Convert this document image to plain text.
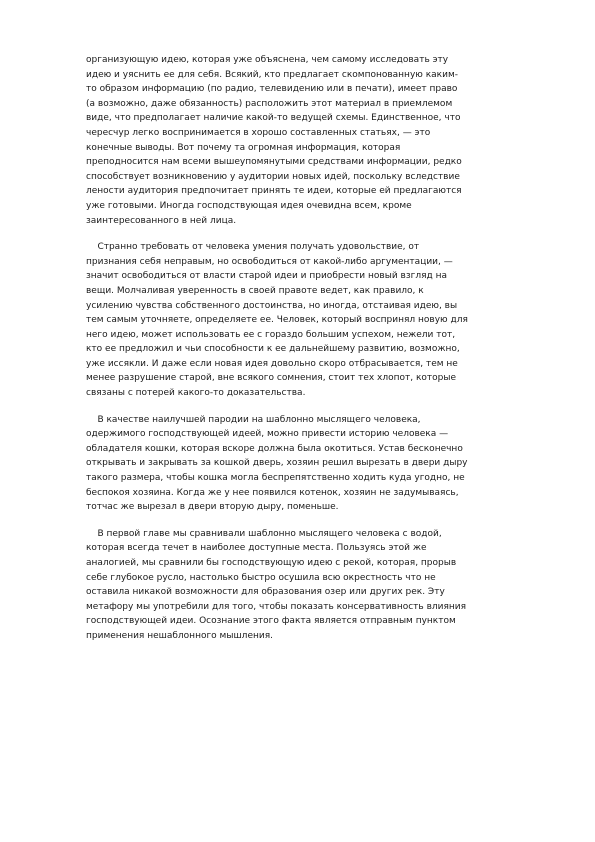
организующую идею, которая уже объяснена, чем самому исследовать эту
идею и уяснить ее для себя. Всякий, кто предлагает скомпонованную каким-
то образом информацию (по радио, телевидению или в печати), имеет право
(а возможно, даже обязанность) расположить этот материал в приемлемом
виде, что предполагает наличие какой-то ведущей схемы. Единственное, что
чересчур легко воспринимается в хорошо составленных статьях, — это
конечные выводы. Вот почему та огромная информация, которая
преподносится нам всеми вышеупомянутыми средствами информации, редко
способствует возникновению у аудитории новых идей, поскольку вследствие
лености аудитория предпочитает принять те идеи, которые ей предлагаются
уже готовыми. Иногда господствующая идея очевидна всем, кроме
заинтересованного в ней лица.
Странно требовать от человека умения получать удовольствие, от
признания себя неправым, но освободиться от какой-либо аргументации, —
значит освободиться от власти старой идеи и приобрести новый взгляд на
вещи. Молчаливая уверенность в своей правоте ведет, как правило, к
усилению чувства собственного достоинства, но иногда, отстаивая идею, вы
тем самым уточняете, определяете ее. Человек, который воспринял новую для
него идею, может использовать ее с гораздо большим успехом, нежели тот,
кто ее предложил и чьи способности к ее дальнейшему развитию, возможно,
уже иссякли. И даже если новая идея довольно скоро отбрасывается, тем не
менее разрушение старой, вне всякого сомнения, стоит тех хлопот, которые
связаны с потерей какого-то доказательства.
В качестве наилучшей пародии на шаблонно мыслящего человека,
одержимого господствующей идеей, можно привести историю человека —
обладателя кошки, которая вскоре должна была окотиться. Устав бесконечно
открывать и закрывать за кошкой дверь, хозяин решил вырезать в двери дыру
такого размера, чтобы кошка могла беспрепятственно ходить куда угодно, не
беспокоя хозяина. Когда же у нее появился котенок, хозяин не задумываясь,
тотчас же вырезал в двери вторую дыру, поменьше.
В первой главе мы сравнивали шаблонно мыслящего человека с водой,
которая всегда течет в наиболее доступные места. Пользуясь этой же
аналогией, мы сравнили бы господствующую идею с рекой, которая, прорыв
себе глубокое русло, настолько быстро осушила всю окрестность что не
оставила никакой возможности для образования озер или других рек. Эту
метафору мы употребили для того, чтобы показать консервативность влияния
господствующей идеи. Осознание этого факта является отправным пунктом
применения нешаблонного мышления.
